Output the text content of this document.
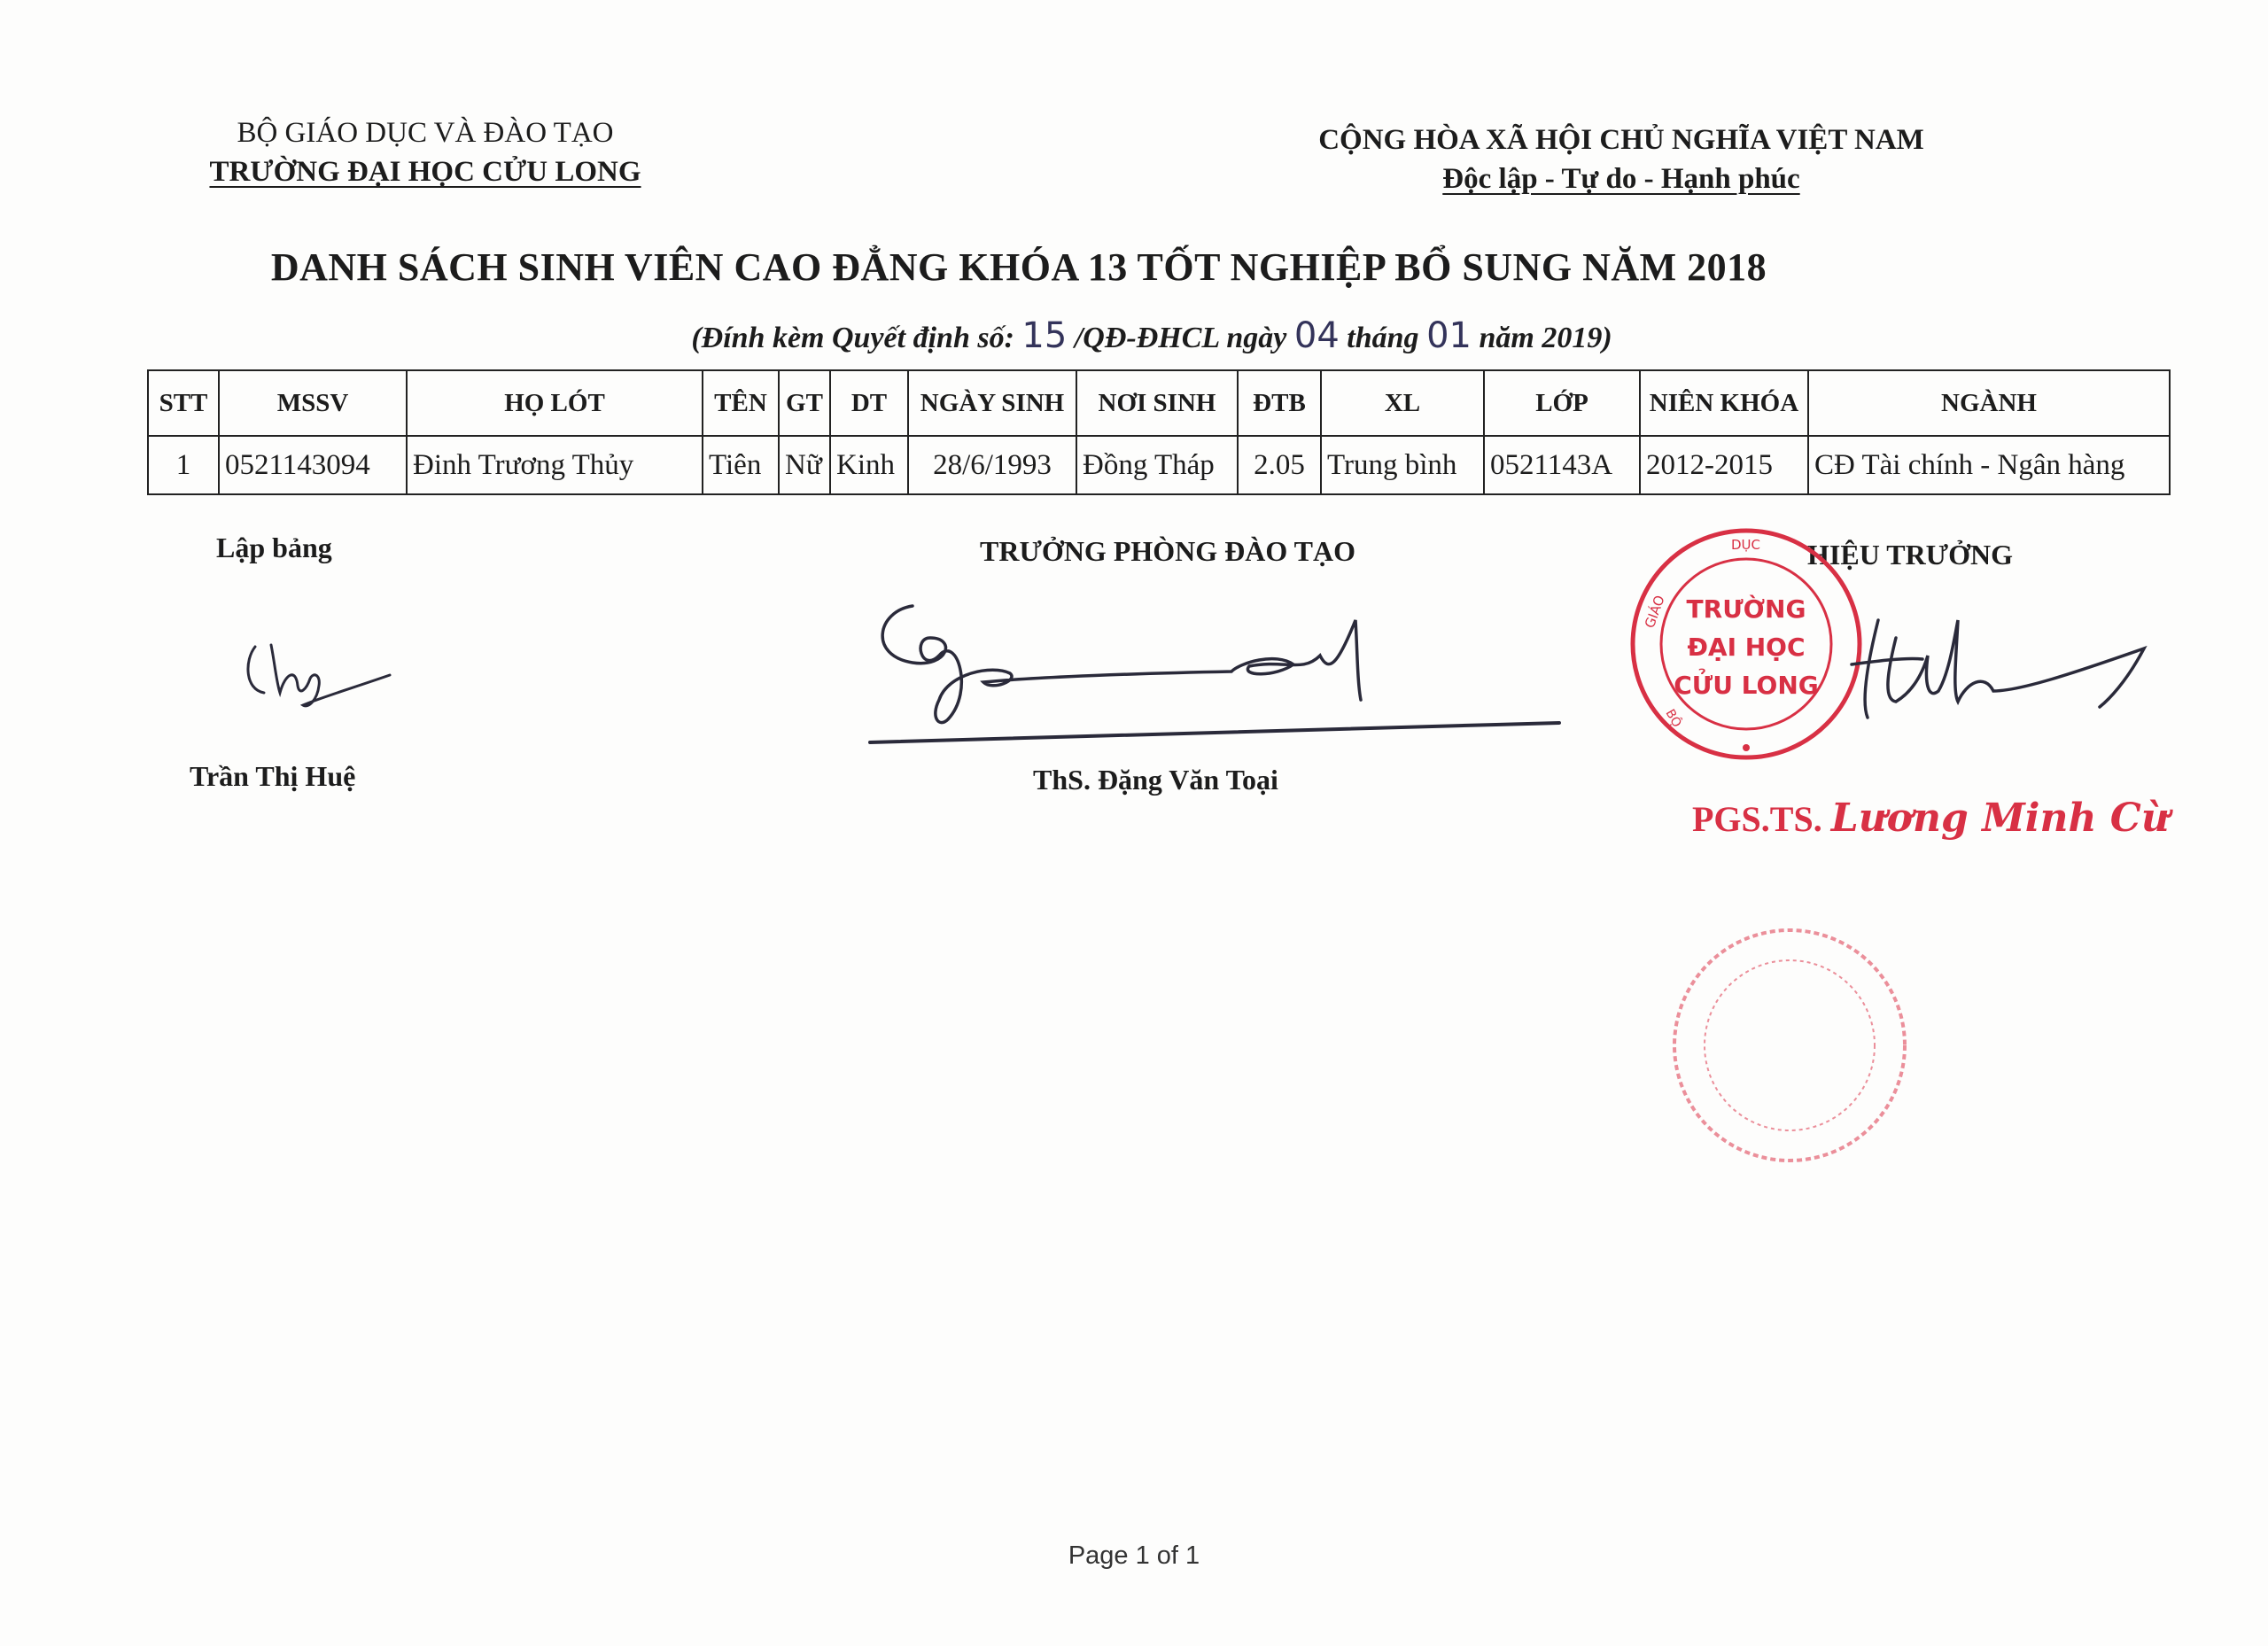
BỘ GIÁO DỤC VÀ ĐÀO TẠO
TRƯỜNG ĐẠI HỌC CỬU LONG
CỘNG HÒA XÃ HỘI CHỦ NGHĨA VIỆT NAM
Độc lập - Tự do - Hạnh phúc
DANH SÁCH SINH VIÊN CAO ĐẲNG KHÓA 13 TỐT NGHIỆP BỔ SUNG NĂM 2018
(Đính kèm Quyết định số: 15 /QĐ-ĐHCL ngày 04 tháng 01 năm 2019)
STT	MSSV	HỌ LÓT	TÊN	GT	DT	NGÀY SINH	NƠI SINH	ĐTB	XL	LỚP	NIÊN KHÓA	NGÀNH
1	0521143094	Đinh Trương Thủy	Tiên	Nữ	Kinh	28/6/1993	Đồng Tháp	2.05	Trung bình	0521143A	2012-2015	CĐ Tài chính - Ngân hàng
Lập bảng
Trần Thị Huệ
TRƯỞNG PHÒNG ĐÀO TẠO
ThS. Đặng Văn Toại
HIỆU TRƯỞNG
TRƯỜNG
ĐẠI HỌC
CỬU LONG
GIÁO
DỤC
BỘ
PGS.TS. Lương Minh Cừ
Page 1 of 1
